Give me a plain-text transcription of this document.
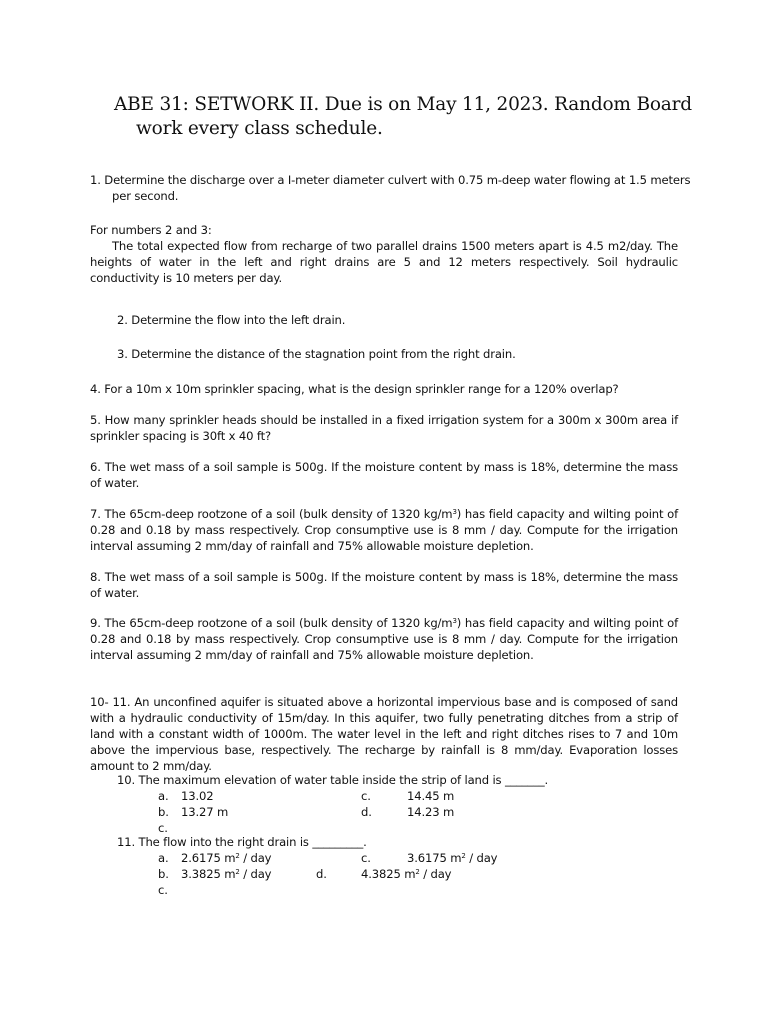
ABE 31: SETWORK II. Due is on May 11, 2023. Random Board work every class schedule.
1. Determine the discharge over a I-meter diameter culvert with 0.75 m-deep water flowing at 1.5 meters per second.
For numbers 2 and 3:
The total expected flow from recharge of two parallel drains 1500 meters apart is 4.5 m2/day. The heights of water in the left and right drains are 5 and 12 meters respectively. Soil hydraulic conductivity is 10 meters per day.
2. Determine the flow into the left drain.
3. Determine the distance of the stagnation point from the right drain.
4. For a 10m x 10m sprinkler spacing, what is the design sprinkler range for a 120% overlap?
5. How many sprinkler heads should be installed in a fixed irrigation system for a 300m x 300m area if sprinkler spacing is 30ft x 40 ft?
6. The wet mass of a soil sample is 500g. If the moisture content by mass is 18%, determine the mass of water.
7. The 65cm-deep rootzone of a soil (bulk density of 1320 $kg/m^3$) has field capacity and wilting point of 0.28 and 0.18 by mass respectively. Crop consumptive use is 8 mm / day. Compute for the irrigation interval assuming 2 mm/day of rainfall and 75% allowable moisture depletion.
8. The wet mass of a soil sample is 500g. If the moisture content by mass is 18%, determine the mass of water.
9. The 65cm-deep rootzone of a soil (bulk density of 1320 $kg/m^3$) has field capacity and wilting point of 0.28 and 0.18 by mass respectively. Crop consumptive use is 8 mm / day. Compute for the irrigation interval assuming 2 mm/day of rainfall and 75% allowable moisture depletion.
10- 11. An unconfined aquifer is situated above a horizontal impervious base and is composed of sand with a hydraulic conductivity of 15m/day. In this aquifer, two fully penetrating ditches from a strip of land with a constant width of 1000m. The water level in the left and right ditches rises to 7 and 10m above the impervious base, respectively. The recharge by rainfall is 8 mm/day. Evaporation losses amount to 2 mm/day.
10. The maximum elevation of water table inside the strip of land is _______.
a. 13.02	c.	14.45 m
b. 13.27 m	d.	14.23 m
c.
11. The flow into the right drain is _________.
a. 2.6175 $m^2$ / day	c.	3.6175 $m^2$ / day
b. 3.3825 $m^2$ / day	d.	4.3825 $m^2$ / day
c.
